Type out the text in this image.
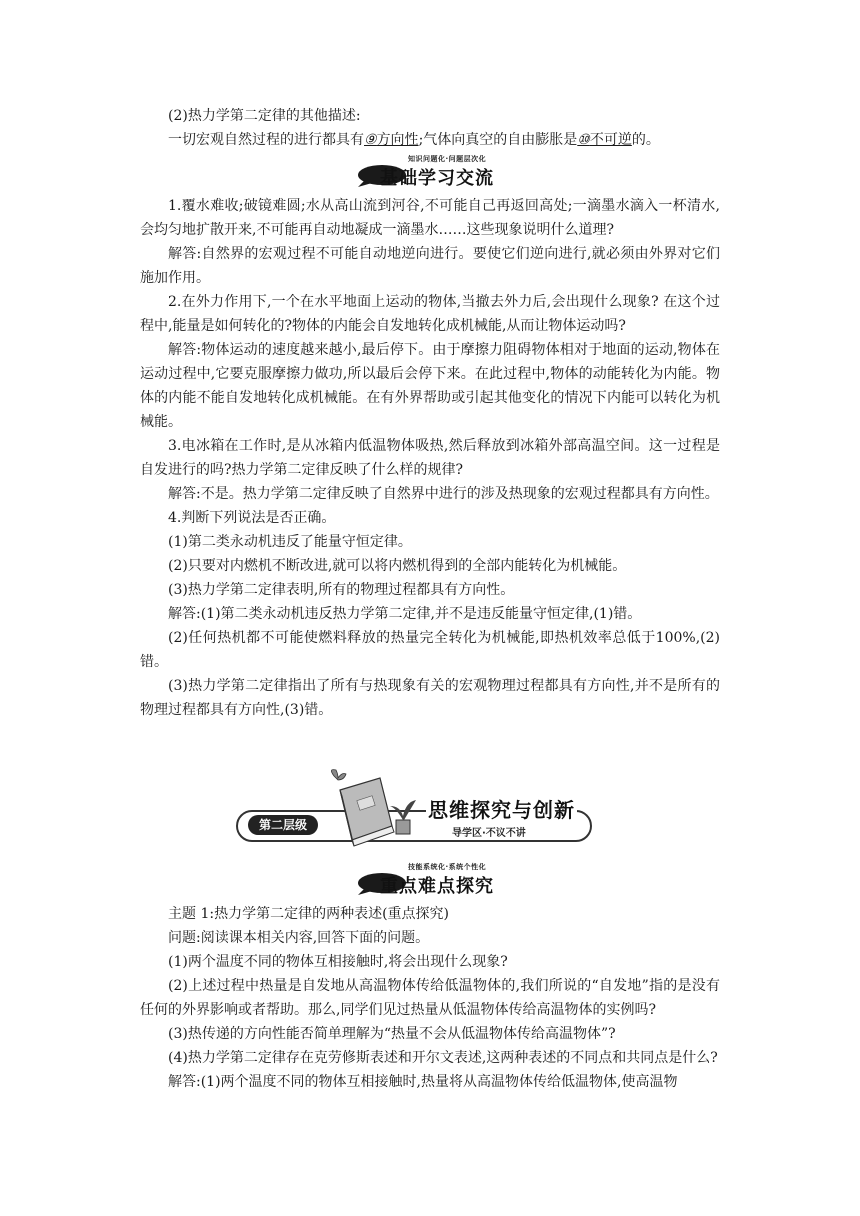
(2)热力学第二定律的其他描述:

一切宏观自然过程的进行都具有⑨方向性;气体向真空的自由膨胀是⑩不可逆的。

知识问题化·问题层次化
基础学习交流

1.覆水难收;破镜难圆;水从高山流到河谷,不可能自己再返回高处;一滴墨水滴入一杯清水,会均匀地扩散开来,不可能再自动地凝成一滴墨水……这些现象说明什么道理?

解答:自然界的宏观过程不可能自动地逆向进行。要使它们逆向进行,就必须由外界对它们施加作用。

2.在外力作用下,一个在水平地面上运动的物体,当撤去外力后,会出现什么现象? 在这个过程中,能量是如何转化的?物体的内能会自发地转化成机械能,从而让物体运动吗?

解答:物体运动的速度越来越小,最后停下。由于摩擦力阻碍物体相对于地面的运动,物体在运动过程中,它要克服摩擦力做功,所以最后会停下来。在此过程中,物体的动能转化为内能。物体的内能不能自发地转化成机械能。在有外界帮助或引起其他变化的情况下内能可以转化为机械能。

3.电冰箱在工作时,是从冰箱内低温物体吸热,然后释放到冰箱外部高温空间。这一过程是自发进行的吗?热力学第二定律反映了什么样的规律?

解答:不是。热力学第二定律反映了自然界中进行的涉及热现象的宏观过程都具有方向性。

4.判断下列说法是否正确。

(1)第二类永动机违反了能量守恒定律。

(2)只要对内燃机不断改进,就可以将内燃机得到的全部内能转化为机械能。

(3)热力学第二定律表明,所有的物理过程都具有方向性。

解答:(1)第二类永动机违反热力学第二定律,并不是违反能量守恒定律,(1)错。

(2)任何热机都不可能使燃料释放的热量完全转化为机械能,即热机效率总低于100%,(2)错。

(3)热力学第二定律指出了所有与热现象有关的宏观物理过程都具有方向性,并不是所有的物理过程都具有方向性,(3)错。

第二层级
思维探究与创新
导学区·不议不讲
技能系统化·系统个性化
重点难点探究

主题 1:热力学第二定律的两种表述(重点探究)

问题:阅读课本相关内容,回答下面的问题。

(1)两个温度不同的物体互相接触时,将会出现什么现象?

(2)上述过程中热量是自发地从高温物体传给低温物体的,我们所说的“自发地”指的是没有任何的外界影响或者帮助。那么,同学们见过热量从低温物体传给高温物体的实例吗?

(3)热传递的方向性能否简单理解为“热量不会从低温物体传给高温物体”?

(4)热力学第二定律存在克劳修斯表述和开尔文表述,这两种表述的不同点和共同点是什么?

解答:(1)两个温度不同的物体互相接触时,热量将从高温物体传给低温物体,使高温物
